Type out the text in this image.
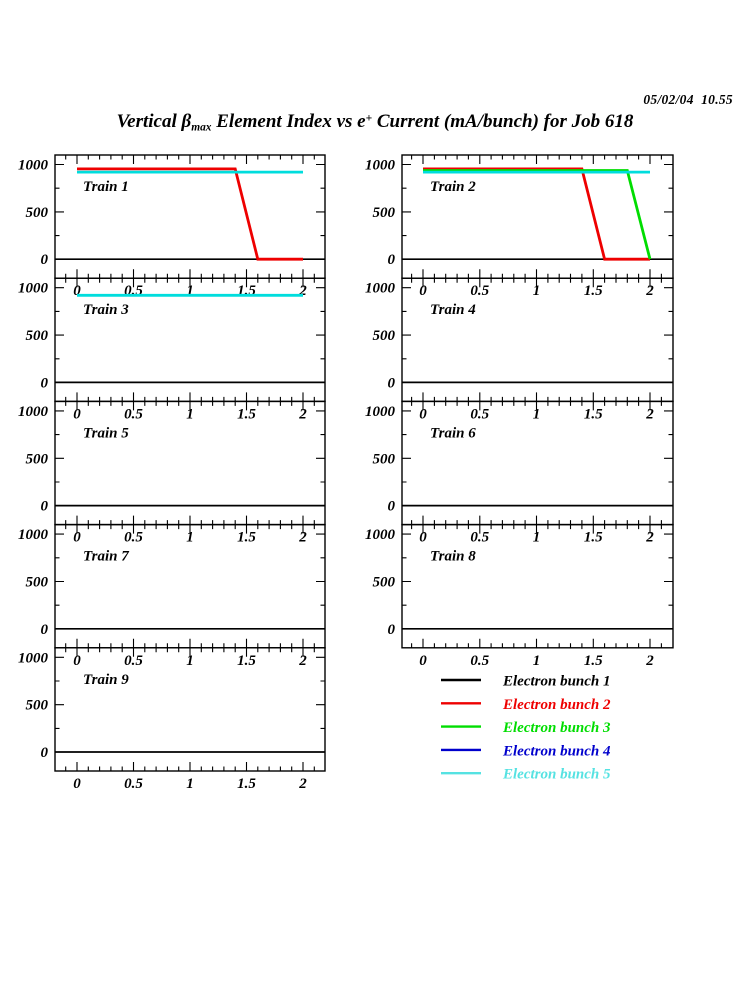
05/02/04  10.55
Vertical $\beta_{max}$ Element Index vs e+ Current (mA/bunch) for Job 618
Train 1
0	0.5	1	1.5	2
0
500
1000
Train 2
0	0.5	1	1.5	2
0
500
1000
Train 3
0	0.5	1	1.5	2
0
500
1000
Train 4
0	0.5	1	1.5	2
0
500
1000
Train 5
0	0.5	1	1.5	2
0
500
1000
Train 6
0	0.5	1	1.5	2
0
500
1000
Train 7
0	0.5	1	1.5	2
0
500
1000
Train 8
0	0.5	1	1.5	2
0
500
1000
Train 9
0	0.5	1	1.5	2
0
500
1000
Electron bunch 1
Electron bunch 2
Electron bunch 3
Electron bunch 4
Electron bunch 5
